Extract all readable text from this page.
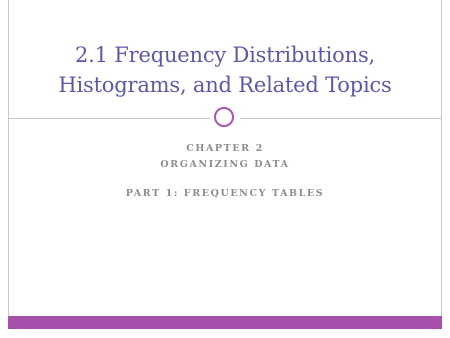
2.1 Frequency Distributions,
Histograms, and Related Topics
CHAPTER 2
ORGANIZING DATA
PART 1: FREQUENCY TABLES
